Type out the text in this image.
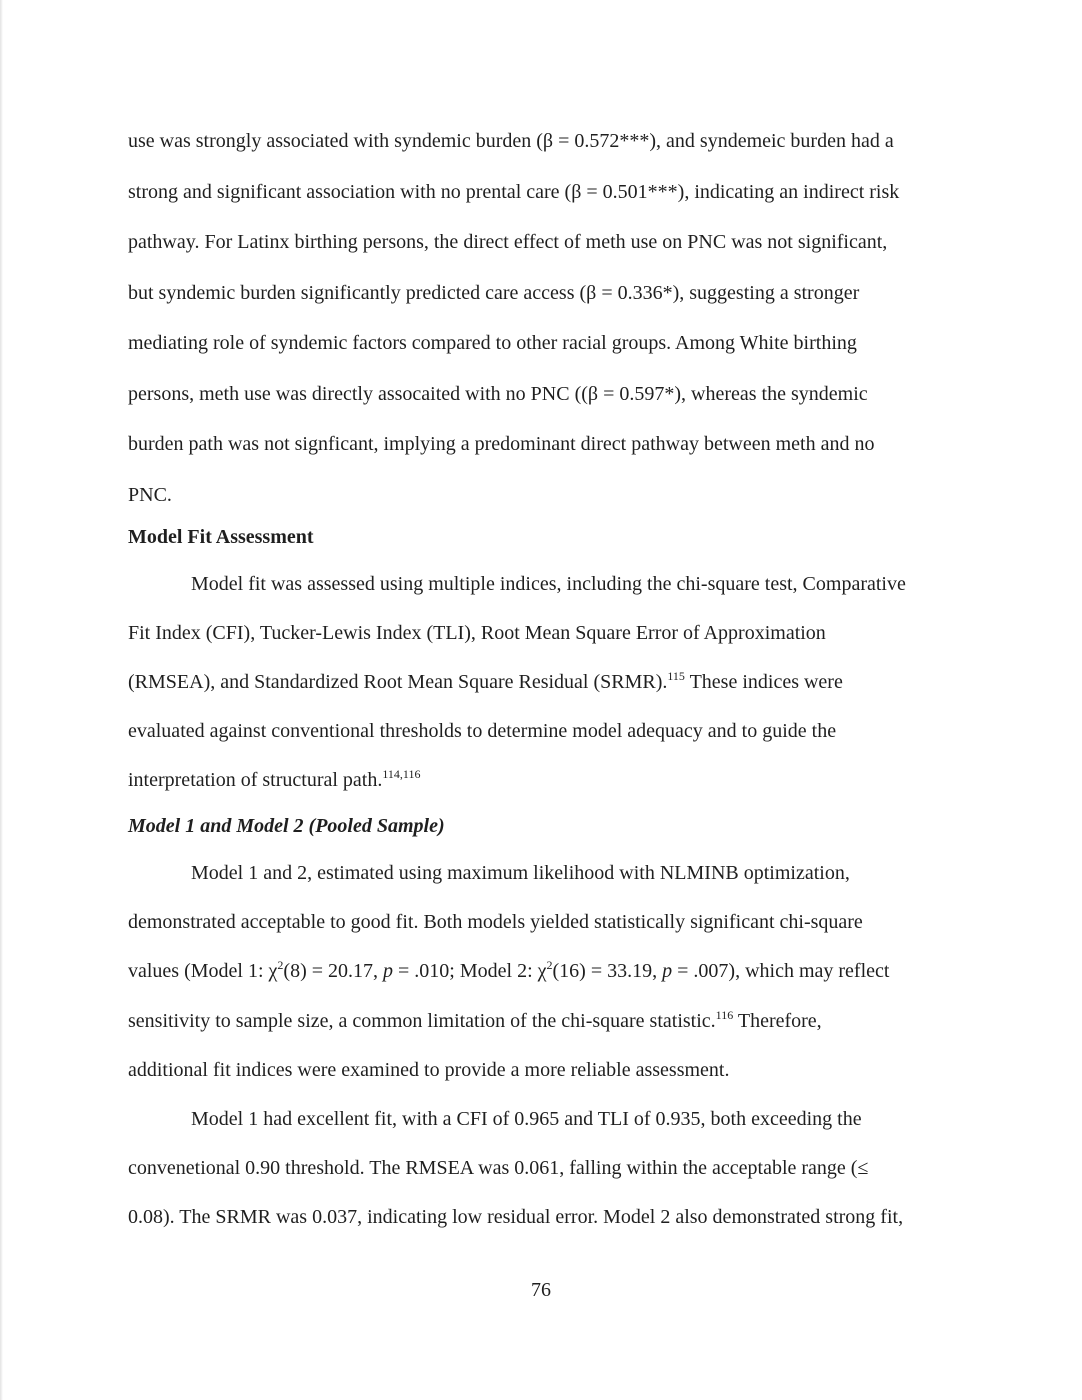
use was strongly associated with syndemic burden (β = 0.572***), and syndemeic burden had a
strong and significant association with no prental care (β = 0.501***), indicating an indirect risk
pathway. For Latinx birthing persons, the direct effect of meth use on PNC was not significant,
but syndemic burden significantly predicted care access (β = 0.336*), suggesting a stronger
mediating role of syndemic factors compared to other racial groups. Among White birthing
persons, meth use was directly assocaited with no PNC ((β = 0.597*), whereas the syndemic
burden path was not signficant, implying a predominant direct pathway between meth and no
PNC.
Model Fit Assessment
Model fit was assessed using multiple indices, including the chi-square test, Comparative
Fit Index (CFI), Tucker-Lewis Index (TLI), Root Mean Square Error of Approximation
(RMSEA), and Standardized Root Mean Square Residual (SRMR).$^{115}$ These indices were
evaluated against conventional thresholds to determine model adequacy and to guide the
interpretation of structural path.$^{114,116}$
Model 1 and Model 2 (Pooled Sample)
Model 1 and 2, estimated using maximum likelihood with NLMINB optimization,
demonstrated acceptable to good fit. Both models yielded statistically significant chi-square
values (Model 1: $\chi^2(8) = 20.17$, p = .010; Model 2: $\chi^2(16) = 33.19$, p = .007), which may reflect
sensitivity to sample size, a common limitation of the chi-square statistic.$^{116}$ Therefore,
additional fit indices were examined to provide a more reliable assessment.
Model 1 had excellent fit, with a CFI of 0.965 and TLI of 0.935, both exceeding the
convenetional 0.90 threshold. The RMSEA was 0.061, falling within the acceptable range (≤
0.08). The SRMR was 0.037, indicating low residual error. Model 2 also demonstrated strong fit,
76
